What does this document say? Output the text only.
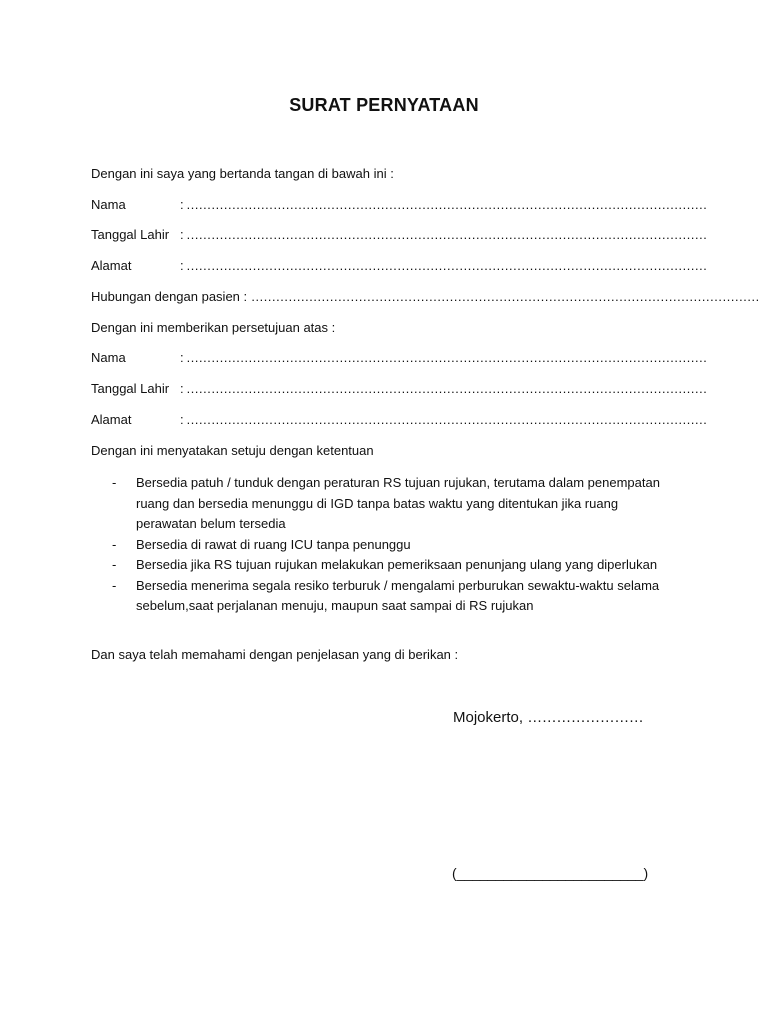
SURAT PERNYATAAN
Dengan ini saya yang bertanda tangan di bawah ini :
Nama	: ………………………………………………………………………………………………………………
Tanggal Lahir : ………………………………………………………………………………………………………………
Alamat	: ………………………………………………………………………………………………………………
Hubungan dengan pasien : ……………………………………………………………………………………………………………
Dengan ini memberikan persetujuan atas :
Nama	: ………………………………………………………………………………………………………………
Tanggal Lahir : ………………………………………………………………………………………………………………
Alamat	: ………………………………………………………………………………………………………………
Dengan ini menyatakan setuju dengan ketentuan
- Bersedia patuh / tunduk dengan peraturan RS tujuan rujukan, terutama dalam penempatan ruang dan bersedia menunggu di IGD tanpa batas waktu yang ditentukan jika ruang perawatan belum tersedia
- Bersedia di rawat di ruang ICU tanpa penunggu
- Bersedia jika RS tujuan rujukan melakukan pemeriksaan penunjang ulang yang diperlukan
- Bersedia menerima segala resiko terburuk / mengalami perburukan sewaktu-waktu selama sebelum,saat perjalanan menuju, maupun saat sampai di RS rujukan
Dan saya telah memahami dengan penjelasan yang di berikan :
Mojokerto, ……………………
(________________________)
